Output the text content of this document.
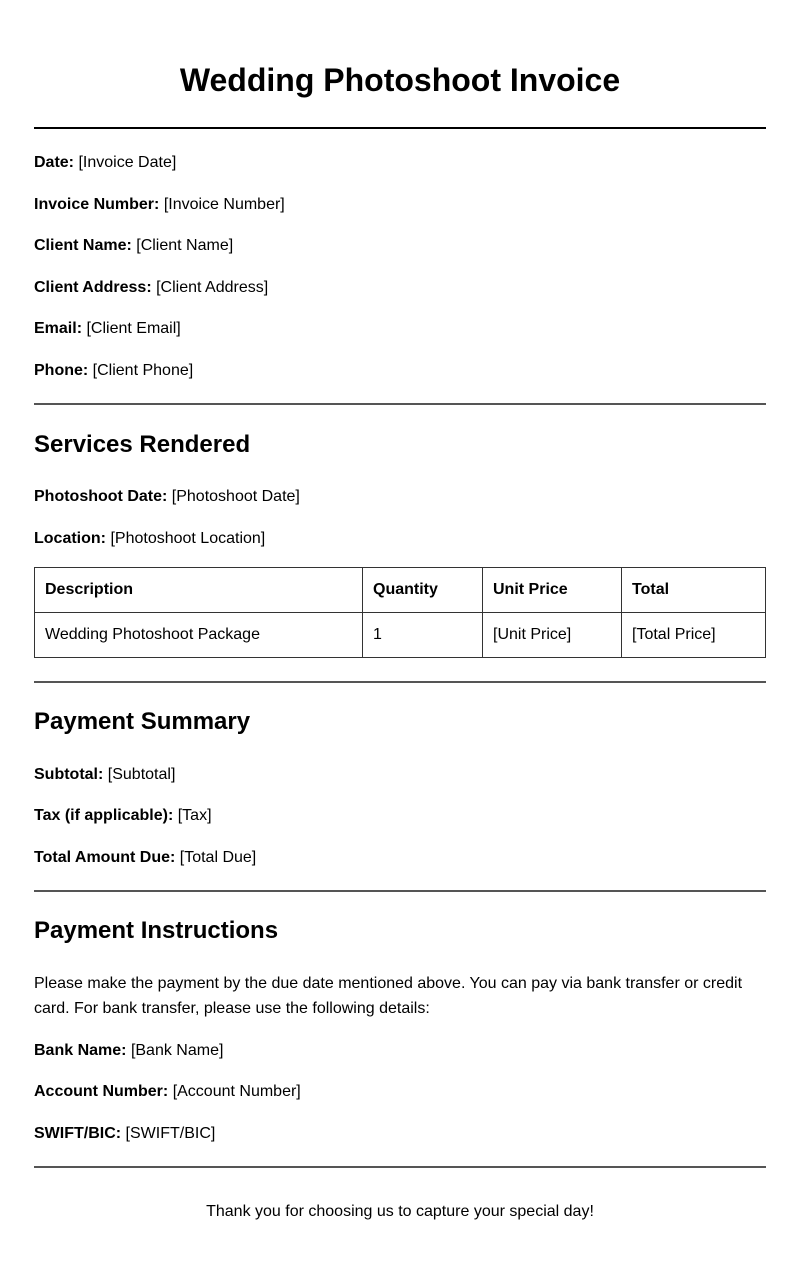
Wedding Photoshoot Invoice
Date: [Invoice Date]
Invoice Number: [Invoice Number]
Client Name: [Client Name]
Client Address: [Client Address]
Email: [Client Email]
Phone: [Client Phone]
Services Rendered
Photoshoot Date: [Photoshoot Date]
Location: [Photoshoot Location]
Description	Quantity	Unit Price	Total
Wedding Photoshoot Package	1	[Unit Price]	[Total Price]
Payment Summary
Subtotal: [Subtotal]
Tax (if applicable): [Tax]
Total Amount Due: [Total Due]
Payment Instructions
Please make the payment by the due date mentioned above. You can pay via bank transfer or credit card. For bank transfer, please use the following details:
Bank Name: [Bank Name]
Account Number: [Account Number]
SWIFT/BIC: [SWIFT/BIC]
Thank you for choosing us to capture your special day!
